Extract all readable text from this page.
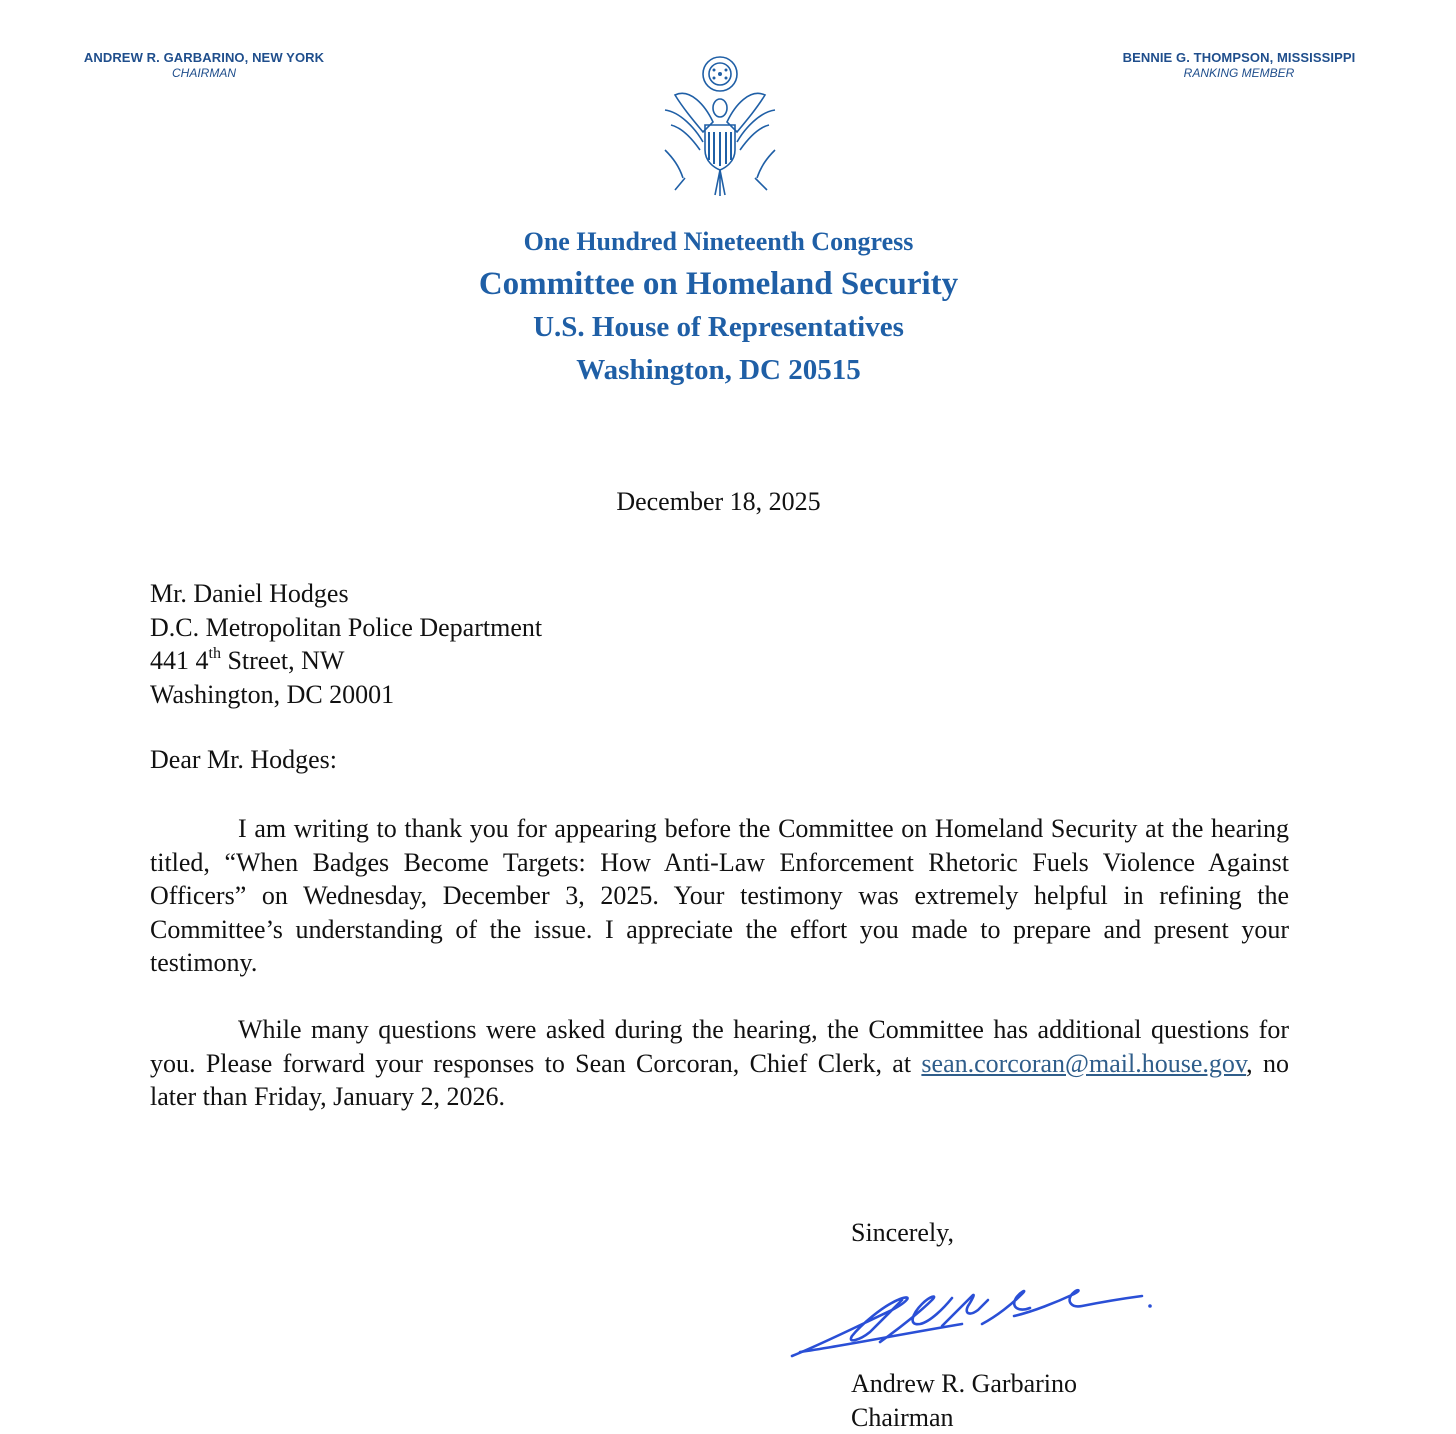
ANDREW R. GARBARINO, NEW YORK
CHAIRMAN
BENNIE G. THOMPSON, MISSISSIPPI
RANKING MEMBER
One Hundred Nineteenth Congress
Committee on Homeland Security
U.S. House of Representatives
Washington, DC 20515
December 18, 2025
Mr. Daniel Hodges
D.C. Metropolitan Police Department
441 4th Street, NW
Washington, DC 20001
Dear Mr. Hodges:
I am writing to thank you for appearing before the Committee on Homeland Security at the hearing titled, “When Badges Become Targets: How Anti-Law Enforcement Rhetoric Fuels Violence Against Officers” on Wednesday, December 3, 2025. Your testimony was extremely helpful in refining the Committee’s understanding of the issue. I appreciate the effort you made to prepare and present your testimony.
While many questions were asked during the hearing, the Committee has additional questions for you. Please forward your responses to Sean Corcoran, Chief Clerk, at sean.corcoran@mail.house.gov, no later than Friday, January 2, 2026.
Sincerely,
Andrew R. Garbarino
Chairman
